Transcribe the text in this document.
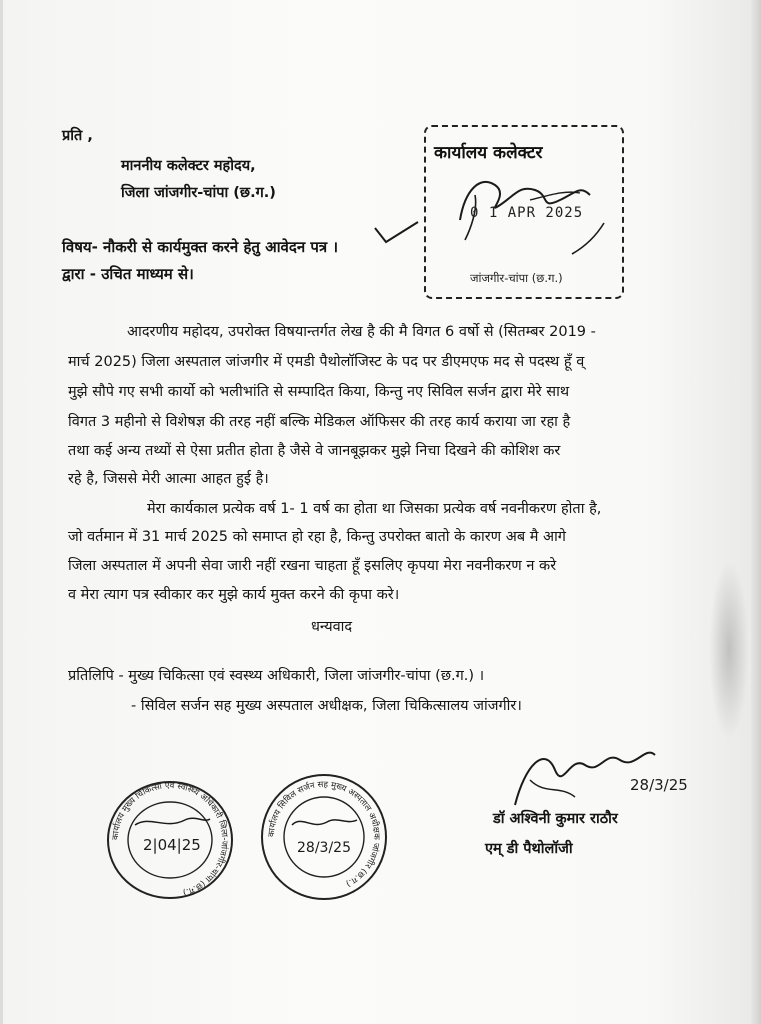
प्रति ,
माननीय कलेक्टर महोदय,
जिला जांजगीर-चांपा (छ.ग.)
कार्यालय कलेक्टर
0 1 APR 2025
जांजगीर-चांपा (छ.ग.)
विषय- नौकरी से कार्यमुक्त करने हेतु आवेदन पत्र ।
द्वारा - उचित माध्यम से।
आदरणीय महोदय, उपरोक्त विषयान्तर्गत लेख है की मै विगत 6 वर्षो से (सितम्बर 2019 -
मार्च 2025) जिला अस्पताल जांजगीर में एमडी पैथोलॉजिस्ट के पद पर डीएमएफ मद से पदस्थ हूँ व्
मुझे सौपे गए सभी कार्यो को भलीभांति से सम्पादित किया, किन्तु नए सिविल सर्जन द्वारा मेरे साथ
विगत 3 महीनो से विशेषज्ञ की तरह नहीं बल्कि मेडिकल ऑफिसर की तरह कार्य कराया जा रहा है
तथा कई अन्य तथ्यों से ऐसा प्रतीत होता है जैसे वे जानबूझकर मुझे निचा दिखने की कोशिश कर
रहे है, जिससे मेरी आत्मा आहत हुई है।
मेरा कार्यकाल प्रत्येक वर्ष 1- 1 वर्ष का होता था जिसका प्रत्येक वर्ष नवनीकरण होता है,
जो वर्तमान में 31 मार्च 2025 को समाप्त हो रहा है, किन्तु उपरोक्त बातो के कारण अब मै आगे
जिला अस्पताल में अपनी सेवा जारी नहीं रखना चाहता हूँ इसलिए कृपया मेरा नवनीकरण न करे
व मेरा त्याग पत्र स्वीकार कर मुझे कार्य मुक्त करने की कृपा करे।
धन्यवाद
प्रतिलिपि - मुख्य चिकित्सा एवं स्वस्थ्य अधिकारी, जिला जांजगीर-चांपा (छ.ग.) ।
- सिविल सर्जन सह मुख्य अस्पताल अधीक्षक, जिला चिकित्सालय जांजगीर।
कार्यालय मुख्य चिकित्सा एवं स्वास्थ्य अधिकारी जिला-जांजगीर-चांपा (छ.ग.)
2|04|25
कार्यालय सिविल सर्जन सह मुख्य अस्पताल अधीक्षक जांजगीर (छ.ग.)
28/3/25
28/3/25
डॉ अश्विनी कुमार राठौर
एम् डी पैथोलॉजी
